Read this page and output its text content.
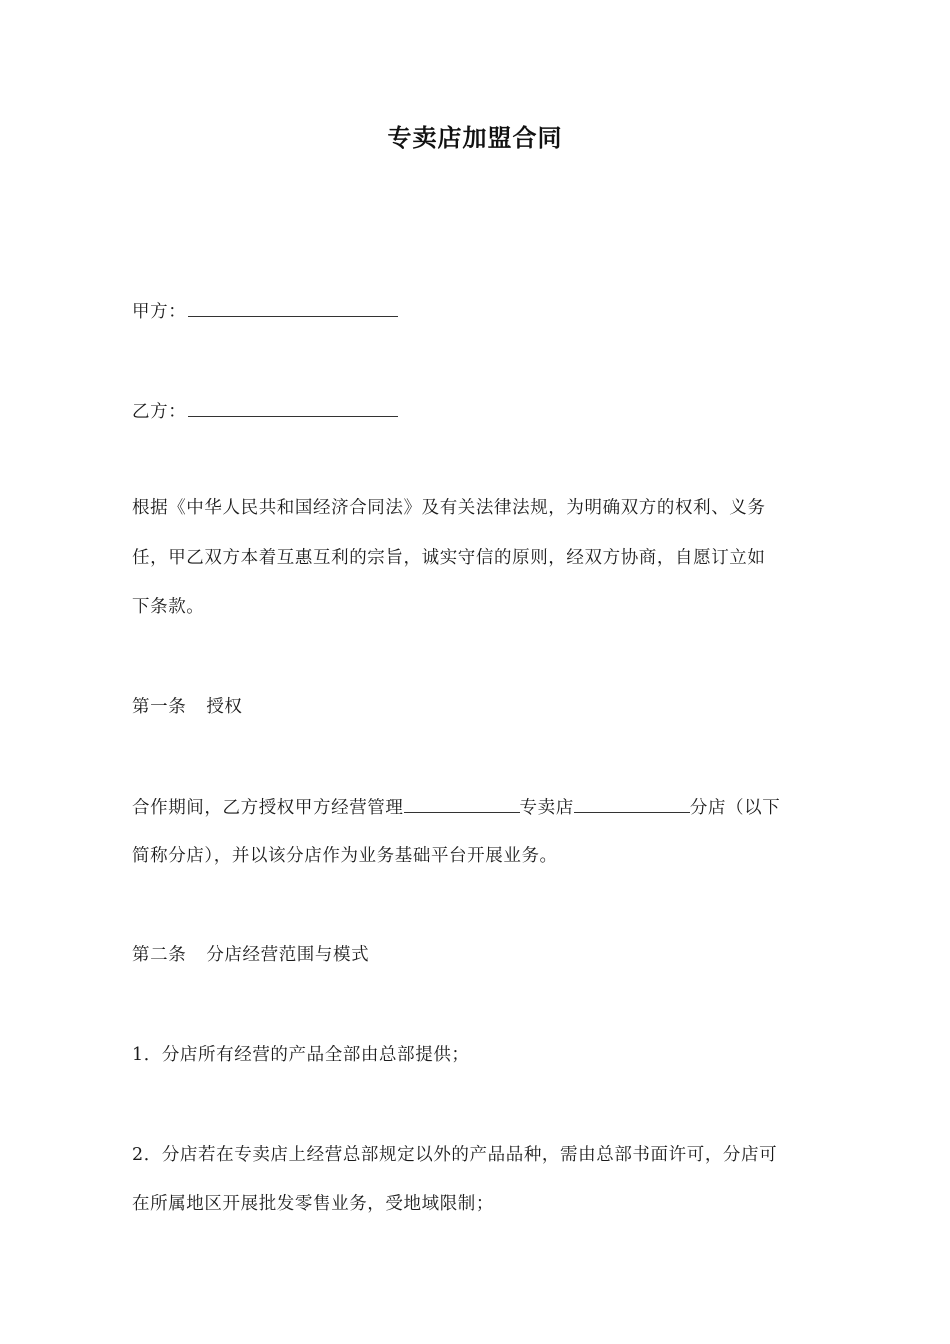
专卖店加盟合同
甲方：
乙方：
根据《中华人民共和国经济合同法》及有关法律法规，为明确双方的权利、义务
任，甲乙双方本着互惠互利的宗旨，诚实守信的原则，经双方协商，自愿订立如
下条款。
第一条 授权
合作期间，乙方授权甲方经营管理	专卖店	分店（以下
简称分店），并以该分店作为业务基础平台开展业务。
第二条 分店经营范围与模式
1．分店所有经营的产品全部由总部提供；
2．分店若在专卖店上经营总部规定以外的产品品种，需由总部书面许可，分店可
在所属地区开展批发零售业务，受地域限制；
